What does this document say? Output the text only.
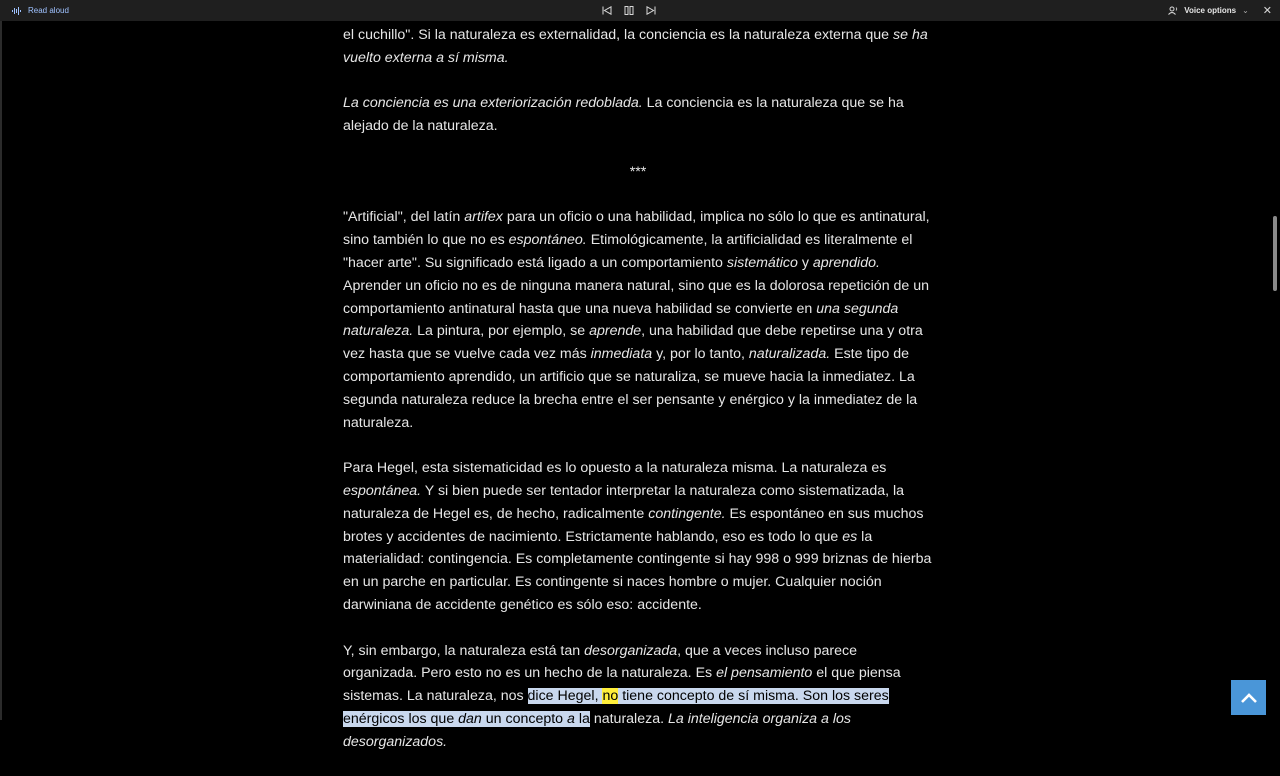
Read aloud	Voice options ⌄ ✕

el cuchillo". Si la naturaleza es externalidad, la conciencia es la naturaleza externa que se ha vuelto externa a sí misma.

La conciencia es una exteriorización redoblada. La conciencia es la naturaleza que se ha alejado de la naturaleza.

***

"Artificial", del latín artifex para un oficio o una habilidad, implica no sólo lo que es antinatural, sino también lo que no es espontáneo. Etimológicamente, la artificialidad es literalmente el "hacer arte". Su significado está ligado a un comportamiento sistemático y aprendido. Aprender un oficio no es de ninguna manera natural, sino que es la dolorosa repetición de un comportamiento antinatural hasta que una nueva habilidad se convierte en una segunda naturaleza. La pintura, por ejemplo, se aprende, una habilidad que debe repetirse una y otra vez hasta que se vuelve cada vez más inmediata y, por lo tanto, naturalizada. Este tipo de comportamiento aprendido, un artificio que se naturaliza, se mueve hacia la inmediatez. La segunda naturaleza reduce la brecha entre el ser pensante y enérgico y la inmediatez de la naturaleza.

Para Hegel, esta sistematicidad es lo opuesto a la naturaleza misma. La naturaleza es espontánea. Y si bien puede ser tentador interpretar la naturaleza como sistematizada, la naturaleza de Hegel es, de hecho, radicalmente contingente. Es espontáneo en sus muchos brotes y accidentes de nacimiento. Estrictamente hablando, eso es todo lo que es la materialidad: contingencia. Es completamente contingente si hay 998 o 999 briznas de hierba en un parche en particular. Es contingente si naces hombre o mujer. Cualquier noción darwiniana de accidente genético es sólo eso: accidente.

Y, sin embargo, la naturaleza está tan desorganizada, que a veces incluso parece organizada. Pero esto no es un hecho de la naturaleza. Es el pensamiento el que piensa sistemas. La naturaleza, nos dice Hegel, no tiene concepto de sí misma. Son los seres enérgicos los que dan un concepto a la naturaleza. La inteligencia organiza a los desorganizados.
